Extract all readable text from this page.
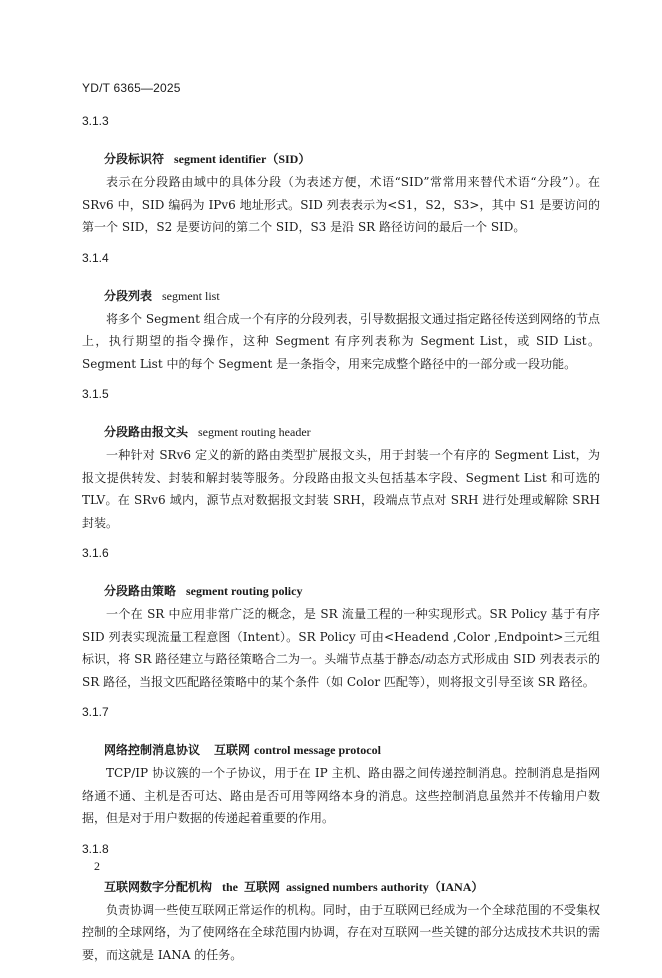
YD/T 6365—2025
3.1.3
分段标识符 segment identifier（SID）

表示在分段路由域中的具体分段（为表述方便，术语“SID”常常用来替代术语“分段”）。在 SRv6 中，SID 编码为 IPv6 地址形式。SID 列表表示为<S1，S2，S3>，其中 S1 是要访问的第一个 SID，S2 是要访问的第二个 SID，S3 是沿 SR 路径访问的最后一个 SID。

3.1.4
分段列表 segment list

将多个 Segment 组合成一个有序的分段列表，引导数据报文通过指定路径传送到网络的节点上，执行期望的指令操作，这种 Segment 有序列表称为 Segment List，或 SID List。Segment List 中的每个 Segment 是一条指令，用来完成整个路径中的一部分或一段功能。

3.1.5
分段路由报文头 segment routing header

一种针对 SRv6 定义的新的路由类型扩展报文头，用于封装一个有序的 Segment List，为报文提供转发、封装和解封装等服务。分段路由报文头包括基本字段、Segment List 和可选的 TLV。在 SRv6 域内，源节点对数据报文封装 SRH，段端点节点对 SRH 进行处理或解除 SRH 封装。

3.1.6
分段路由策略 segment routing policy

一个在 SR 中应用非常广泛的概念，是 SR 流量工程的一种实现形式。SR Policy 基于有序 SID 列表实现流量工程意图（Intent）。SR Policy 可由<Headend ,Color ,Endpoint>三元组标识，将 SR 路径建立与路径策略合二为一。头端节点基于静态/动态方式形成由 SID 列表表示的 SR 路径，当报文匹配路径策略中的某个条件（如 Color 匹配等），则将报文引导至该 SR 路径。

3.1.7
网络控制消息协议 互联网 control message protocol

TCP/IP 协议簇的一个子协议，用于在 IP 主机、路由器之间传递控制消息。控制消息是指网络通不通、主机是否可达、路由是否可用等网络本身的消息。这些控制消息虽然并不传输用户数据，但是对于用户数据的传递起着重要的作用。

3.1.8
互联网数字分配机构 the 互联网 assigned numbers authority（IANA）

负责协调一些使互联网正常运作的机构。同时，由于互联网已经成为一个全球范围的不受集权控制的全球网络，为了使网络在全球范围内协调，存在对互联网一些关键的部分达成技术共识的需要，而这就是 IANA 的任务。

2
